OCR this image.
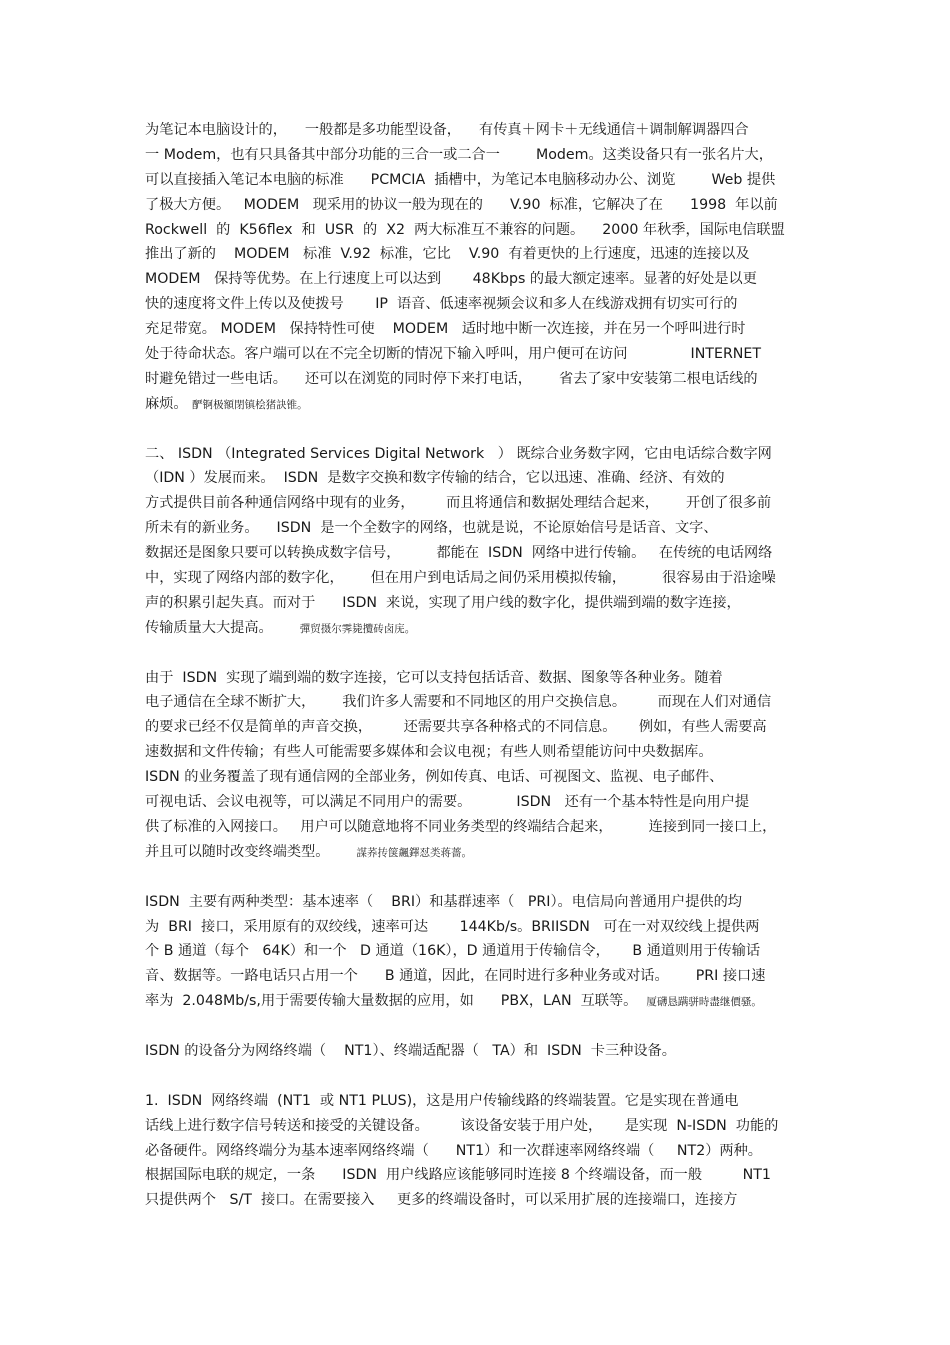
为笔记本电脑设计的，    一般都是多功能型设备，    有传真＋网卡＋无线通信＋调制解调器四合
一 Modem，也有只具备其中部分功能的三合一或二合一        Modem。这类设备只有一张名片大，
可以直接插入笔记本电脑的标准      PCMCIA  插槽中，为笔记本电脑移动办公、浏览        Web 提供
了极大方便。   MODEM   现采用的协议一般为现在的      V.90  标准，它解决了在      1998  年以前
Rockwell  的  K56flex  和  USR  的  X2  两大标准互不兼容的问题。    2000 年秋季，国际电信联盟
推出了新的    MODEM   标准  V.92  标准，它比    V.90  有着更快的上行速度，迅速的连接以及
MODEM   保持等优势。在上行速度上可以达到       48Kbps 的最大额定速率。显著的好处是以更
快的速度将文件上传以及使拨号       IP  语音、低速率视频会议和多人在线游戏拥有切实可行的
充足带宽。 MODEM   保持特性可使    MODEM   适时地中断一次连接，并在另一个呼叫进行时
处于待命状态。客户端可以在不完全切断的情况下输入呼叫，用户便可在访问              INTERNET
时避免错过一些电话。    还可以在浏览的同时停下来打电话，      省去了家中安装第二根电话线的
麻烦。 酽锕极額閉镇桧猪訣锥。
二、 ISDN （Integrated Services Digital Network   ） 既综合业务数字网，它由电话综合数字网
（IDN ）发展而来。  ISDN  是数字交换和数字传输的结合，它以迅速、准确、经济、有效的
方式提供目前各种通信网络中现有的业务，       而且将通信和数据处理结合起来，      开创了很多前
所未有的新业务。    ISDN  是一个全数字的网络，也就是说，不论原始信号是话音、文字、
数据还是图象只要可以转换成数字信号，        都能在  ISDN  网络中进行传输。   在传统的电话网络
中，实现了网络内部的数字化，      但在用户到电话局之间仍采用模拟传输，        很容易由于沿途噪
声的积累引起失真。而对于      ISDN  来说，实现了用户线的数字化，提供端到端的数字连接，
传输质量大大提高。	彈贸摄尔霁毙攬砖卤庑。
由于  ISDN  实现了端到端的数字连接，它可以支持包括话音、数据、图象等各种业务。随着
电子通信在全球不断扩大，      我们许多人需要和不同地区的用户交换信息。       而现在人们对通信
的要求已经不仅是简单的声音交换，       还需要共享各种格式的不同信息。     例如，有些人需要高
速数据和文件传输；有些人可能需要多媒体和会议电视；有些人则希望能访问中央数据库。
ISDN 的业务覆盖了现有通信网的全部业务，例如传真、电话、可视图文、监视、电子邮件、
可视电话、会议电视等，可以满足不同用户的需要。          ISDN   还有一个基本特性是向用户提
供了标准的入网接口。   用户可以随意地将不同业务类型的终端结合起来，        连接到同一接口上，
并且可以随时改变终端类型。	謀荞抟箧飆鐸怼类蒋薔。
ISDN  主要有两种类型：基本速率（    BRI）和基群速率（   PRI）。电信局向普通用户提供的均
为  BRI  接口，采用原有的双绞线，速率可达       144Kb/s。BRIISDN   可在一对双绞线上提供两
个 B 通道（每个   64K）和一个   D 通道（16K），D 通道用于传输信令，     B 通道则用于传输话
音、数据等。一路电话只占用一个      B 通道，因此，在同时进行多种业务或对话。      PRI 接口速
率为  2.048Mb/s,用于需要传输大量数据的应用，如      PBX，LAN  互联等。 厦礴恳蹒骈時盡继價骚。
ISDN 的设备分为网络终端（    NT1）、终端适配器（   TA）和  ISDN  卡三种设备。
1.  ISDN  网络终端  (NT1  或 NT1 PLUS)，这是用户传输线路的终端装置。它是实现在普通电
话线上进行数字信号转送和接受的关键设备。       该设备安装于用户处，     是实现  N-ISDN  功能的
必备硬件。网络终端分为基本速率网络终端（      NT1）和一次群速率网络终端（     NT2）两种。
根据国际电联的规定，一条      ISDN  用户线路应该能够同时连接 8 个终端设备，而一般         NT1
只提供两个   S/T  接口。在需要接入     更多的终端设备时，可以采用扩展的连接端口，连接方
